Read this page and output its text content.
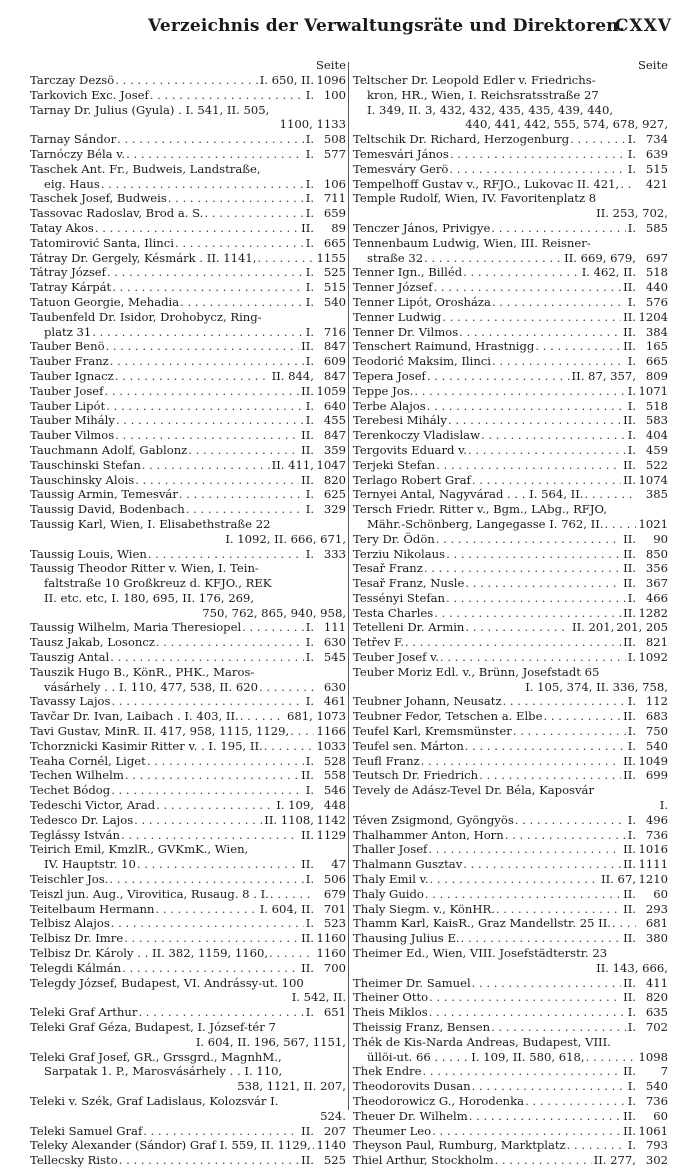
Verzeichnis der Verwaltungsräte und Direktoren.
CXXV
Seite
Tarczay Dezsö . . .	I. 650, II. 1096
Tarkovich Exc. Josef . . .	I. 100
Tarnay Dr. Julius (Gyula) . I. 541, II. 505,
1100, 1133
Tarnay Sándor . . .	I. 508
Tarnóczy Béla v. . . .	I. 577
Taschek Ant. Fr., Budweis, Landstraße,
eig. Haus . . .	I. 106
Taschek Josef, Budweis . . .	I. 711
Tassovac Radoslav, Brod a. S. . . .	I. 659
Tatay Akos . . .	II.	89
Tatomirović Santa, Ilinci . . .	I. 665
Tátray Dr. Gergely, Késmárk . II. 1141, . . .	1155
Tátray József . . .	I. 525
Tatray Kárpát . . .	I. 515
Tatuon Georgie, Mehadia . . .	I. 540
Taubenfeld Dr. Isidor, Drohobycz, Ring-
platz 31 . . .	I. 716
Tauber Benö . . .	II. 847
Tauber Franz . . .	I. 609
Tauber Ignacz . . .	II. 844, 847
Tauber Josef . . .	II. 1059
Tauber Lipót . . .	I. 640
Tauber Mihály . . .	I. 455
Tauber Vilmos . . .	II. 847
Tauchmann Adolf, Gablonz . . .	II. 359
Tauschinski Stefan . . .	II. 411, 1047
Tauschinsky Alois . . .	II. 820
Taussig Armin, Temesvár . . .	I. 625
Taussig David, Bodenbach . . .	I. 329
Taussig Karl, Wien, I. Elisabethstraße 22
I. 1092, II. 666, 671,
Taussig Louis, Wien . . .	I. 333
Taussig Theodor Ritter v. Wien, I. Tein-
faltstraße 10 Großkreuz d. KFJO., REK
II. etc. etc, I. 180, 695, II. 176, 269,
750, 762, 865, 940, 958,
Taussig Wilhelm, Maria Theresiopel . . .	I. 111
Tausz Jakab, Losoncz . . .	I. 630
Tauszig Antal . . .	I. 545
Tauszik Hugo B., KönR., PHK., Maros-
vásárhely . . I. 110, 477, 538, II. 620 . . .	630
Tavassy Lajos . . .	I. 461
Tavčar Dr. Ivan, Laibach . I. 403, II. . . .	681, 1073
Tavi Gustav, MinR. II. 417, 958, 1115, 1129, . . . 1166
Tchorznicki Kasimir Ritter v. . I. 195, II. . . .	1033
Teaha Cornél, Liget . . .	I. 528
Techen Wilhelm . . .	II. 558
Techet Bódog . . .	I. 546
Tedeschi Victor, Arad . . .	I. 109, 448
Tedesco Dr. Lajos . . .	II. 1108, 1142
Teglássy István . . .	II. 1129
Teirich Emil, KmzlR., GVKmK., Wien,
IV. Hauptstr. 10 . . .	II.	47
Teischler Jos. . . .	I. 506
Teiszl jun. Aug., Virovitica, Rusaug. 8 . I. . . .	679
Teitelbaum Hermann . . .	I. 604, II. 701
Telbisz Alajos . . .	I. 523
Telbisz Dr. Imre . . .	II. 1160
Telbisz Dr. Károly . . II. 382, 1159, 1160, . . .	1160
Telegdi Kálmán . . .	II. 700
Telegdy József, Budapest, VI. Andrássy-ut. 100
I. 542, II.
Teleki Graf Arthur . . .	I. 651
Teleki Graf Géza, Budapest, I. József-tér 7
I. 604, II. 196, 567, 1151,
Teleki Graf Josef, GR., Grssgrd., MagnhM.,
Sarpatak 1. P., Marosvásárhely . . I. 110,
538, 1121, II. 207,
Teleki v. Szék, Graf Ladislaus, Kolozsvár I.
524.
Teleki Samuel Graf . . .	II. 207
Teleky Alexander (Sándor) Graf I. 559, II. 1129, . . . 1140
Tellecsky Risto . . .	II. 525
Seite
Teltscher Dr. Leopold Edler v. Friedrichs-
kron, HR., Wien, I. Reichsratsstraße 27
I. 349, II. 3, 432, 432, 435, 435, 439, 440,
440, 441, 442, 555, 574, 678, 927,
Teltschik Dr. Richard, Herzogenburg . . .	I. 734
Temesvári János . . .	I. 639
Temesváry Gerö . . .	I. 515
Tempelhoff Gustav v., RFJO., Lukovac II. 421, . . .	421
Temple Rudolf, Wien, IV. Favoritenplatz 8
II. 253, 702,
Tenczer János, Privigye . . .	I. 585
Tennenbaum Ludwig, Wien, III. Reisner-
straße 32 . . .	II. 669, 679, 697
Tenner Ign., Billéd . . .	I. 462, II. 518
Tenner József . . .	II. 440
Tenner Lipót, Orosháza . . .	I. 576
Tenner Ludwig . . .	II. 1204
Tenner Dr. Vilmos . . .	II. 384
Tenschert Raimund, Hrastnigg . . .	II. 165
Teodorić Maksim, Ilinci . . .	I. 665
Tepera Josef . . .	II. 87, 357, 809
Teppe Jos. . . .	I. 1071
Terbe Alajos . . .	I. 518
Terebesi Mihály . . .	II. 583
Terenkoczy Vladislaw . . .	I. 404
Tergovits Eduard v. . . .	I. 459
Terjeki Stefan . . .	II. 522
Terlago Robert Graf . . .	II. 1074
Ternyei Antal, Nagyvárad . . . I. 564, II. . . .	385
Tersch Friedr. Ritter v., Bgm., LAbg., RFJO,
Mähr.-Schönberg, Langegasse I. 762, II. . . .	1021
Tery Dr. Ödön . . .	II.	90
Terziu Nikolaus . . .	II. 850
Tesař Franz . . .	II. 356
Tesař Franz, Nusle . . .	II. 367
Tessényi Stefan . . .	I. 466
Testa Charles . . .	II. 1282
Tetelleni Dr. Armin . . .	II. 201, 201, 205
Tetřev F. . . .	II. 821
Teuber Josef v. . . .	I. 1092
Teuber Moriz Edl. v., Brünn, Josefstadt 65
I. 105, 374, II. 336, 758,
Teubner Johann, Neusatz . . .	I. 112
Teubner Fedor, Tetschen a. Elbe . . .	II. 683
Teufel Karl, Kremsmünster . . .	I. 750
Teufel sen. Márton . . .	I. 540
Teufl Franz . . .	II. 1049
Teutsch Dr. Friedrich . . .	II. 699
Tevely de Adász-Tevel Dr. Béla, Kaposvár
I.
Téven Zsigmond, Gyöngyös . . .	I. 496
Thalhammer Anton, Horn . . .	I. 736
Thaller Josef . . .	II. 1016
Thalmann Gusztav . . .	II. 1111
Thaly Emil v. . . .	II. 67, 1210
Thaly Guido . . .	II.	60
Thaly Siegm. v., KönHR. . . .	II. 293
Thamm Karl, KaisR., Graz Mandellstr. 25 II. . . .	681
Thausing Julius E. . . .	II. 380
Theimer Ed., Wien, VIII. Josefstädterstr. 23
II. 143, 666,
Theimer Dr. Samuel . . .	II. 411
Theiner Otto . . .	II. 820
Theis Miklos . . .	I. 635
Theissig Franz, Bensen . . .	I. 702
Thék de Kis-Narda Andreas, Budapest, VIII.
üllöi-ut. 66 . . . . . I. 109, II. 580, 618, . . .	1098
Thek Endre . . .	II.	7
Theodorovits Dusan . . .	I. 540
Theodorowicz G., Horodenka . . .	I. 736
Theuer Dr. Wilhelm . . .	II.	60
Theumer Leo . . .	II. 1061
Theyson Paul, Rumburg, Marktplatz . . .	I. 793
Thiel Arthur, Stockholm . . .	II. 277, 302
